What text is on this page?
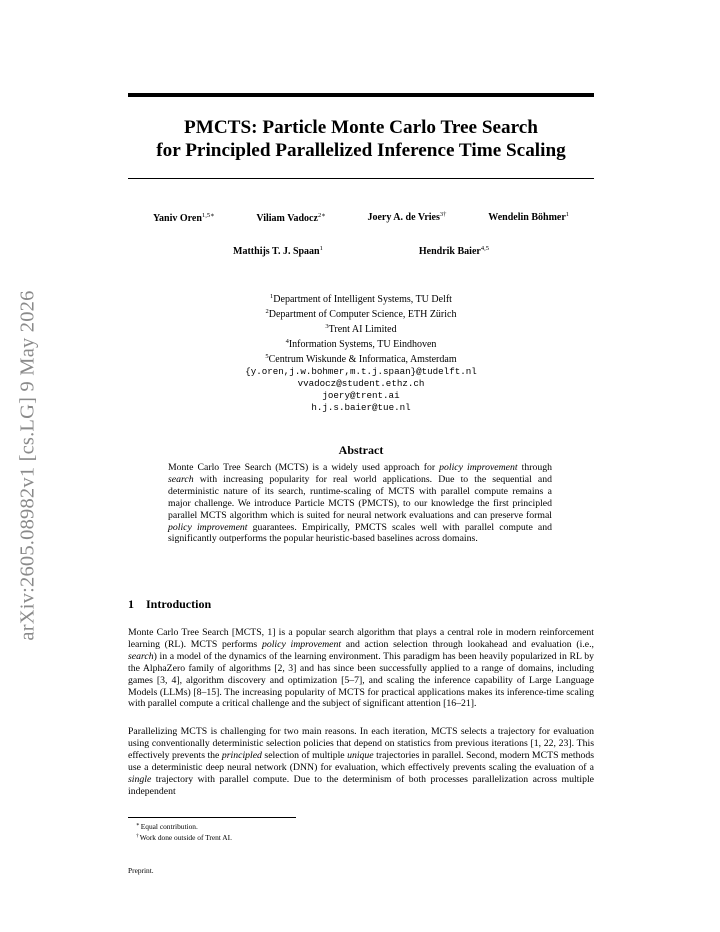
arXiv:2605.08982v1 [cs.LG] 9 May 2026
PMCTS: Particle Monte Carlo Tree Search
for Principled Parallelized Inference Time Scaling
Yaniv Oren$^{1,5∗}$	Viliam Vadocz$^{2∗}$	Joery A. de Vries$^{3\dagger}$	Wendelin Böhmer$^1$
Matthijs T. J. Spaan$^1$	Hendrik Baier$^{4,5}$
$^1$Department of Intelligent Systems, TU Delft
$^2$Department of Computer Science, ETH Zürich
$^3$Trent AI Limited
$^4$Information Systems, TU Eindhoven
$^5$Centrum Wiskunde & Informatica, Amsterdam
{y.oren,j.w.bohmer,m.t.j.spaan}@tudelft.nl
vvadocz@student.ethz.ch
joery@trent.ai
h.j.s.baier@tue.nl
Abstract

Monte Carlo Tree Search (MCTS) is a widely used approach for policy improvement through search with increasing popularity for real world applications. Due to the sequential and deterministic nature of its search, runtime-scaling of MCTS with parallel compute remains a major challenge. We introduce Particle MCTS (PMCTS), to our knowledge the first principled parallel MCTS algorithm which is suited for neural network evaluations and can preserve formal policy improvement guarantees. Empirically, PMCTS scales well with parallel compute and significantly outperforms the popular heuristic-based baselines across domains.

1 Introduction

Monte Carlo Tree Search [MCTS, 1] is a popular search algorithm that plays a central role in modern reinforcement learning (RL). MCTS performs policy improvement and action selection through lookahead and evaluation (i.e., search) in a model of the dynamics of the learning environment. This paradigm has been heavily popularized in RL by the AlphaZero family of algorithms [2, 3] and has since been successfully applied to a range of domains, including games [3, 4], algorithm discovery and optimization [5–7], and scaling the inference capability of Large Language Models (LLMs) [8–15]. The increasing popularity of MCTS for practical applications makes its inference-time scaling with parallel compute a critical challenge and the subject of significant attention [16–21].

Parallelizing MCTS is challenging for two main reasons. In each iteration, MCTS selects a trajectory for evaluation using conventionally deterministic selection policies that depend on statistics from previous iterations [1, 22, 23]. This effectively prevents the principled selection of multiple unique trajectories in parallel. Second, modern MCTS methods use a deterministic deep neural network (DNN) for evaluation, which effectively prevents scaling the evaluation of a single trajectory with parallel compute. Due to the determinism of both processes parallelization across multiple independent

∗Equal contribution.
†Work done outside of Trent AI.

Preprint.
